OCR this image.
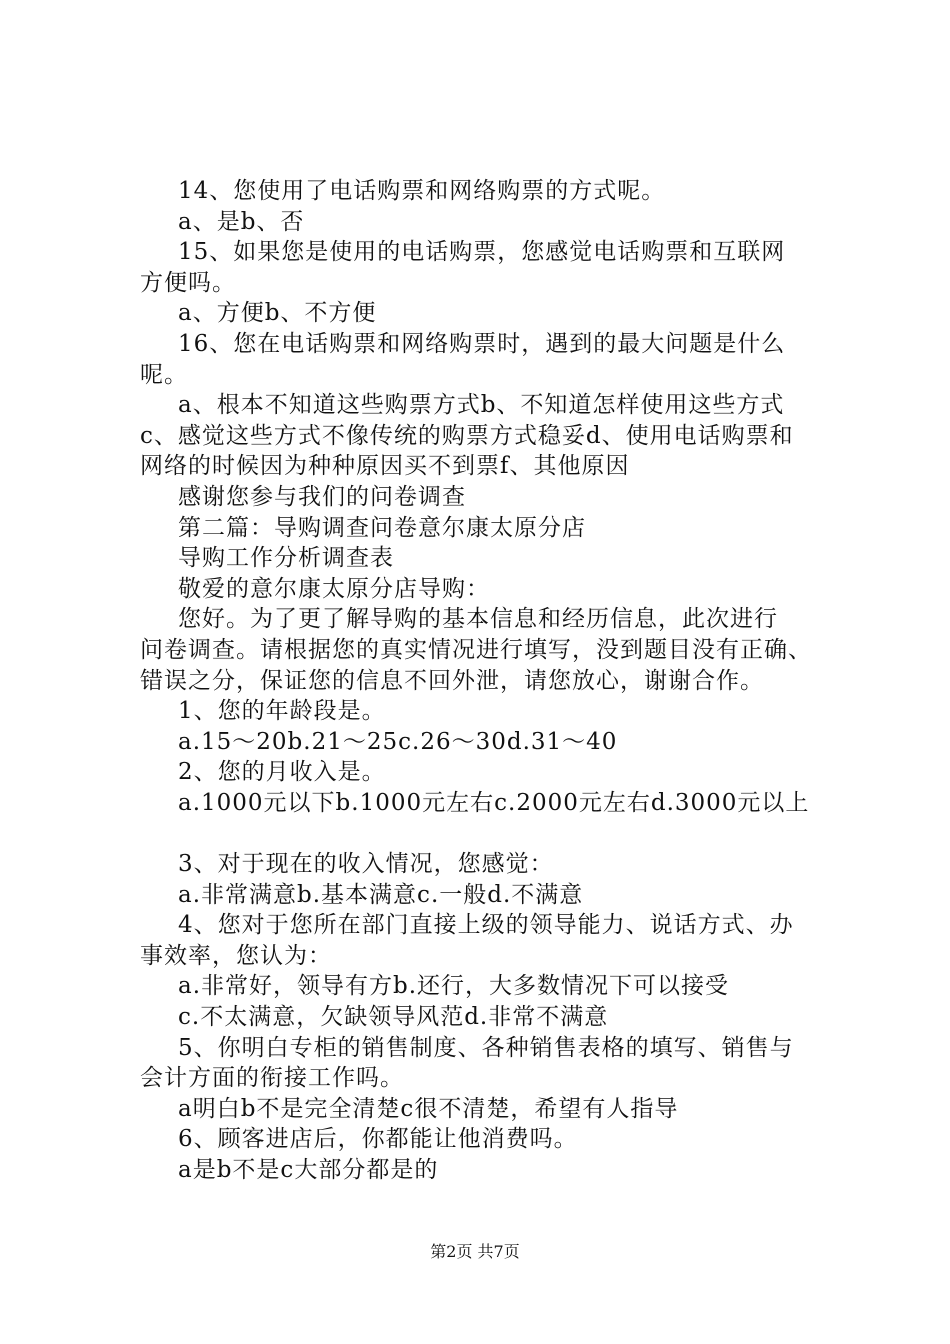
14、您使用了电话购票和网络购票的方式呢。
a、是b、否
15、如果您是使用的电话购票，您感觉电话购票和互联网
方便吗。
a、方便b、不方便
16、您在电话购票和网络购票时，遇到的最大问题是什么
呢。
a、根本不知道这些购票方式b、不知道怎样使用这些方式
c、感觉这些方式不像传统的购票方式稳妥d、使用电话购票和
网络的时候因为种种原因买不到票f、其他原因
感谢您参与我们的问卷调查
第二篇：导购调查问卷意尔康太原分店
导购工作分析调查表
敬爱的意尔康太原分店导购：
您好。为了更了解导购的基本信息和经历信息，此次进行
问卷调查。请根据您的真实情况进行填写，没到题目没有正确、
错误之分，保证您的信息不回外泄，请您放心，谢谢合作。
1、您的年龄段是。
a.15～20b.21～25c.26～30d.31～40
2、您的月收入是。
a.1000元以下b.1000元左右c.2000元左右d.3000元以上
3、对于现在的收入情况，您感觉：
a.非常满意b.基本满意c.一般d.不满意
4、您对于您所在部门直接上级的领导能力、说话方式、办
事效率，您认为：
a.非常好，领导有方b.还行，大多数情况下可以接受
c.不太满意，欠缺领导风范d.非常不满意
5、你明白专柜的销售制度、各种销售表格的填写、销售与
会计方面的衔接工作吗。
a明白b不是完全清楚c很不清楚，希望有人指导
6、顾客进店后，你都能让他消费吗。
a是b不是c大部分都是的
第2页 共7页
